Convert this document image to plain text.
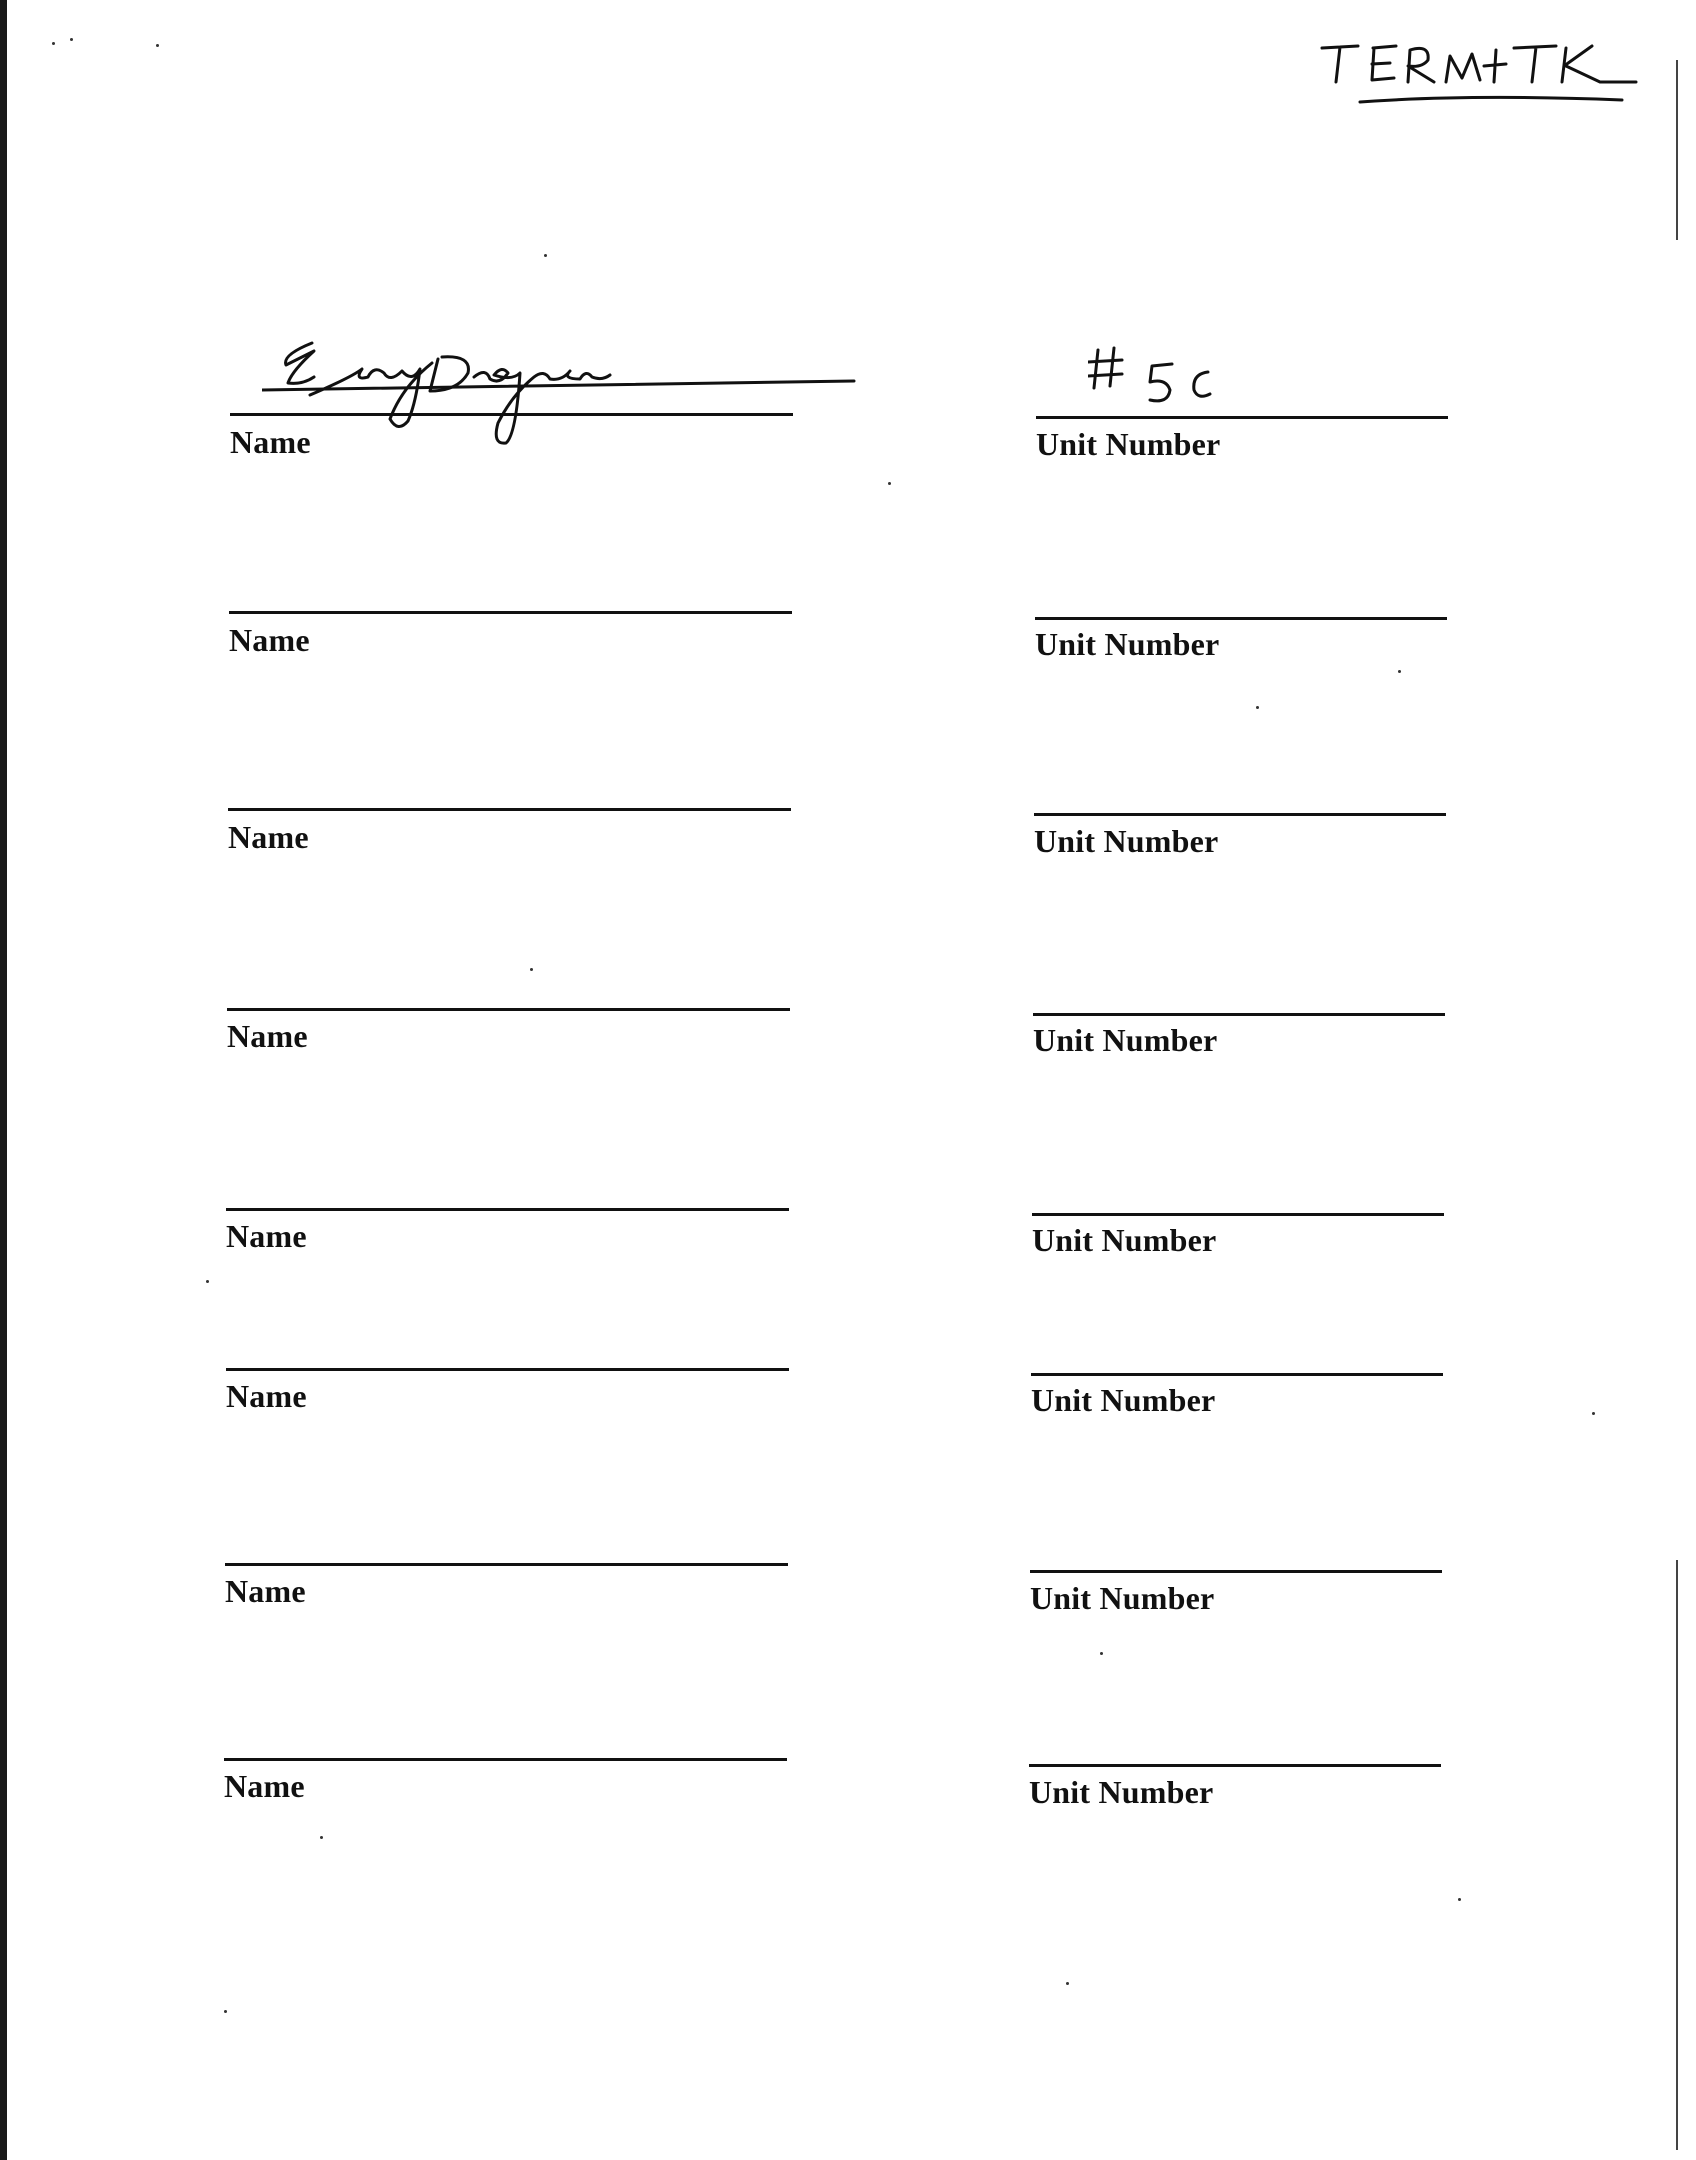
Name	Unit Number
Name	Unit Number
Name	Unit Number
Name	Unit Number
Name	Unit Number
Name	Unit Number
Name	Unit Number
Name	Unit Number
